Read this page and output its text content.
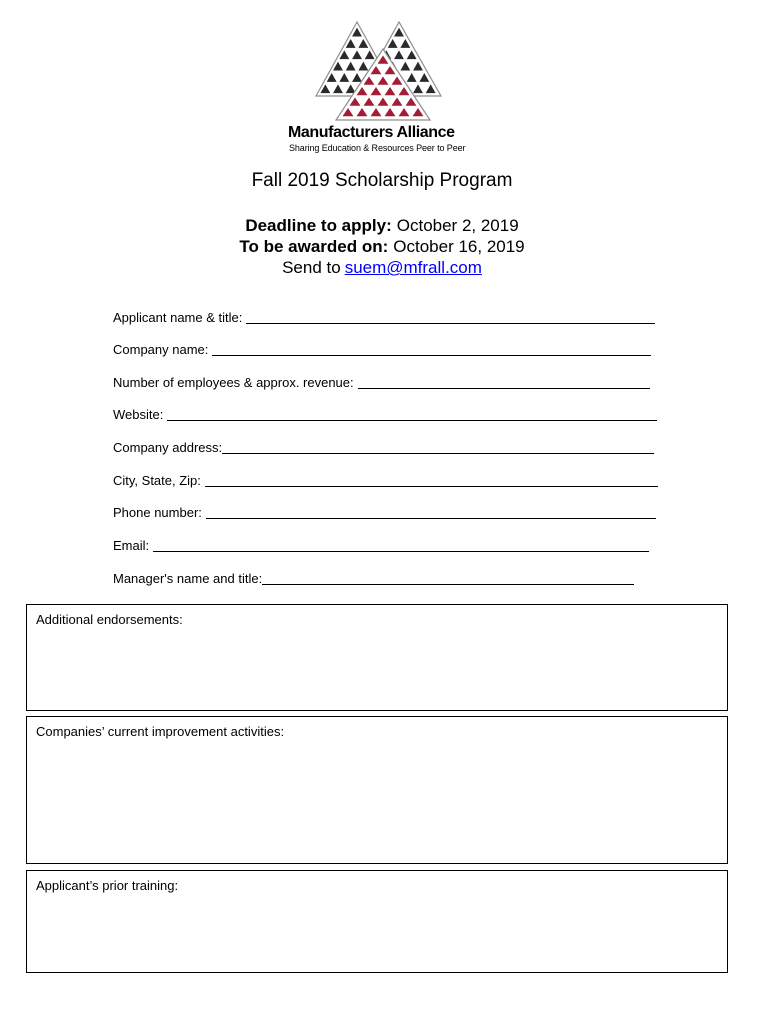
Manufacturers Alliance
Sharing Education & Resources Peer to Peer
Fall 2019 Scholarship Program
Deadline to apply: October 2, 2019
To be awarded on: October 16, 2019
Send to suem@mfrall.com
Applicant name & title:
Company name:
Number of employees & approx. revenue:
Website:
Company address:
City, State, Zip:
Phone number:
Email:
Manager's name and title:
Additional endorsements:
Companies’ current improvement activities:
Applicant’s prior training:
